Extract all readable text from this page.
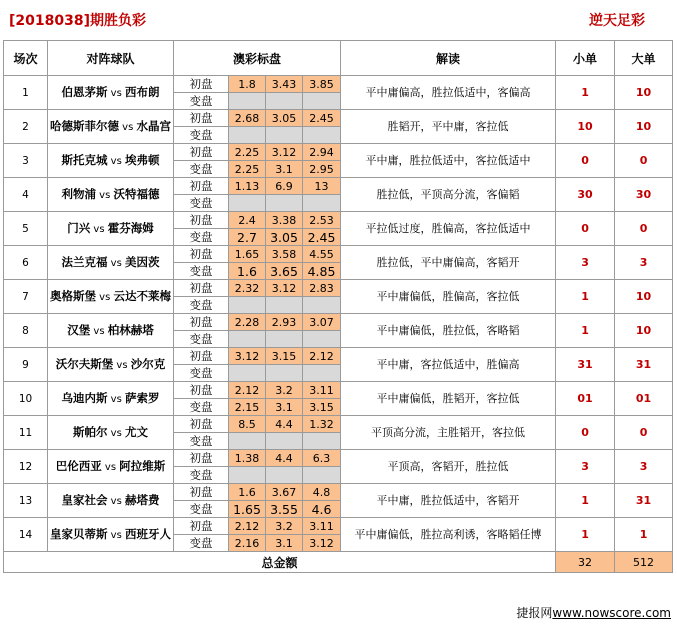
[2018038]期胜负彩	逆天足彩
场次	对阵球队	澳彩标盘				解读	小单	大单
1	伯恩茅斯 vs 西布朗	初盘	1.8	3.43	3.85	平中庸偏高，胜拉低适中，客偏高	1	10
		变盘						
2	哈德斯菲尔德 vs 水晶宫	初盘	2.68	3.05	2.45	胜韬开，平中庸，客拉低	10	10
		变盘						
3	斯托克城 vs 埃弗顿	初盘	2.25	3.12	2.94	平中庸，胜拉低适中，客拉低适中	0	0
		变盘	2.25	3.1	2.95			
4	利物浦 vs 沃特福德	初盘	1.13	6.9	13	胜拉低，平顶高分流，客偏韬	30	30
		变盘						
5	门兴 vs 霍芬海姆	初盘	2.4	3.38	2.53	平拉低过度，胜偏高，客拉低适中	0	0
		变盘	2.7	3.05	2.45			
6	法兰克福 vs 美因茨	初盘	1.65	3.58	4.55	胜拉低，平中庸偏高，客韬开	3	3
		变盘	1.6	3.65	4.85			
7	奥格斯堡 vs 云达不莱梅	初盘	2.32	3.12	2.83	平中庸偏低，胜偏高，客拉低	1	10
		变盘						
8	汉堡 vs 柏林赫塔	初盘	2.28	2.93	3.07	平中庸偏低，胜拉低，客略韬	1	10
		变盘						
9	沃尔夫斯堡 vs 沙尔克	初盘	3.12	3.15	2.12	平中庸，客拉低适中，胜偏高	31	31
		变盘						
10	乌迪内斯 vs 萨索罗	初盘	2.12	3.2	3.11	平中庸偏低，胜韬开，客拉低	01	01
		变盘	2.15	3.1	3.15			
11	斯帕尔 vs 尤文	初盘	8.5	4.4	1.32	平顶高分流，主胜韬开，客拉低	0	0
		变盘						
12	巴伦西亚 vs 阿拉维斯	初盘	1.38	4.4	6.3	平顶高，客韬开，胜拉低	3	3
		变盘						
13	皇家社会 vs 赫塔费	初盘	1.6	3.67	4.8	平中庸，胜拉低适中，客韬开	1	31
		变盘	1.65	3.55	4.6			
14	皇家贝蒂斯 vs 西班牙人	初盘	2.12	3.2	3.11	平中庸偏低，胜拉高利诱，客略韬任博	1	1
		变盘	2.16	3.1	3.12			
总金额							32	512
捷报网www.nowscore.com
